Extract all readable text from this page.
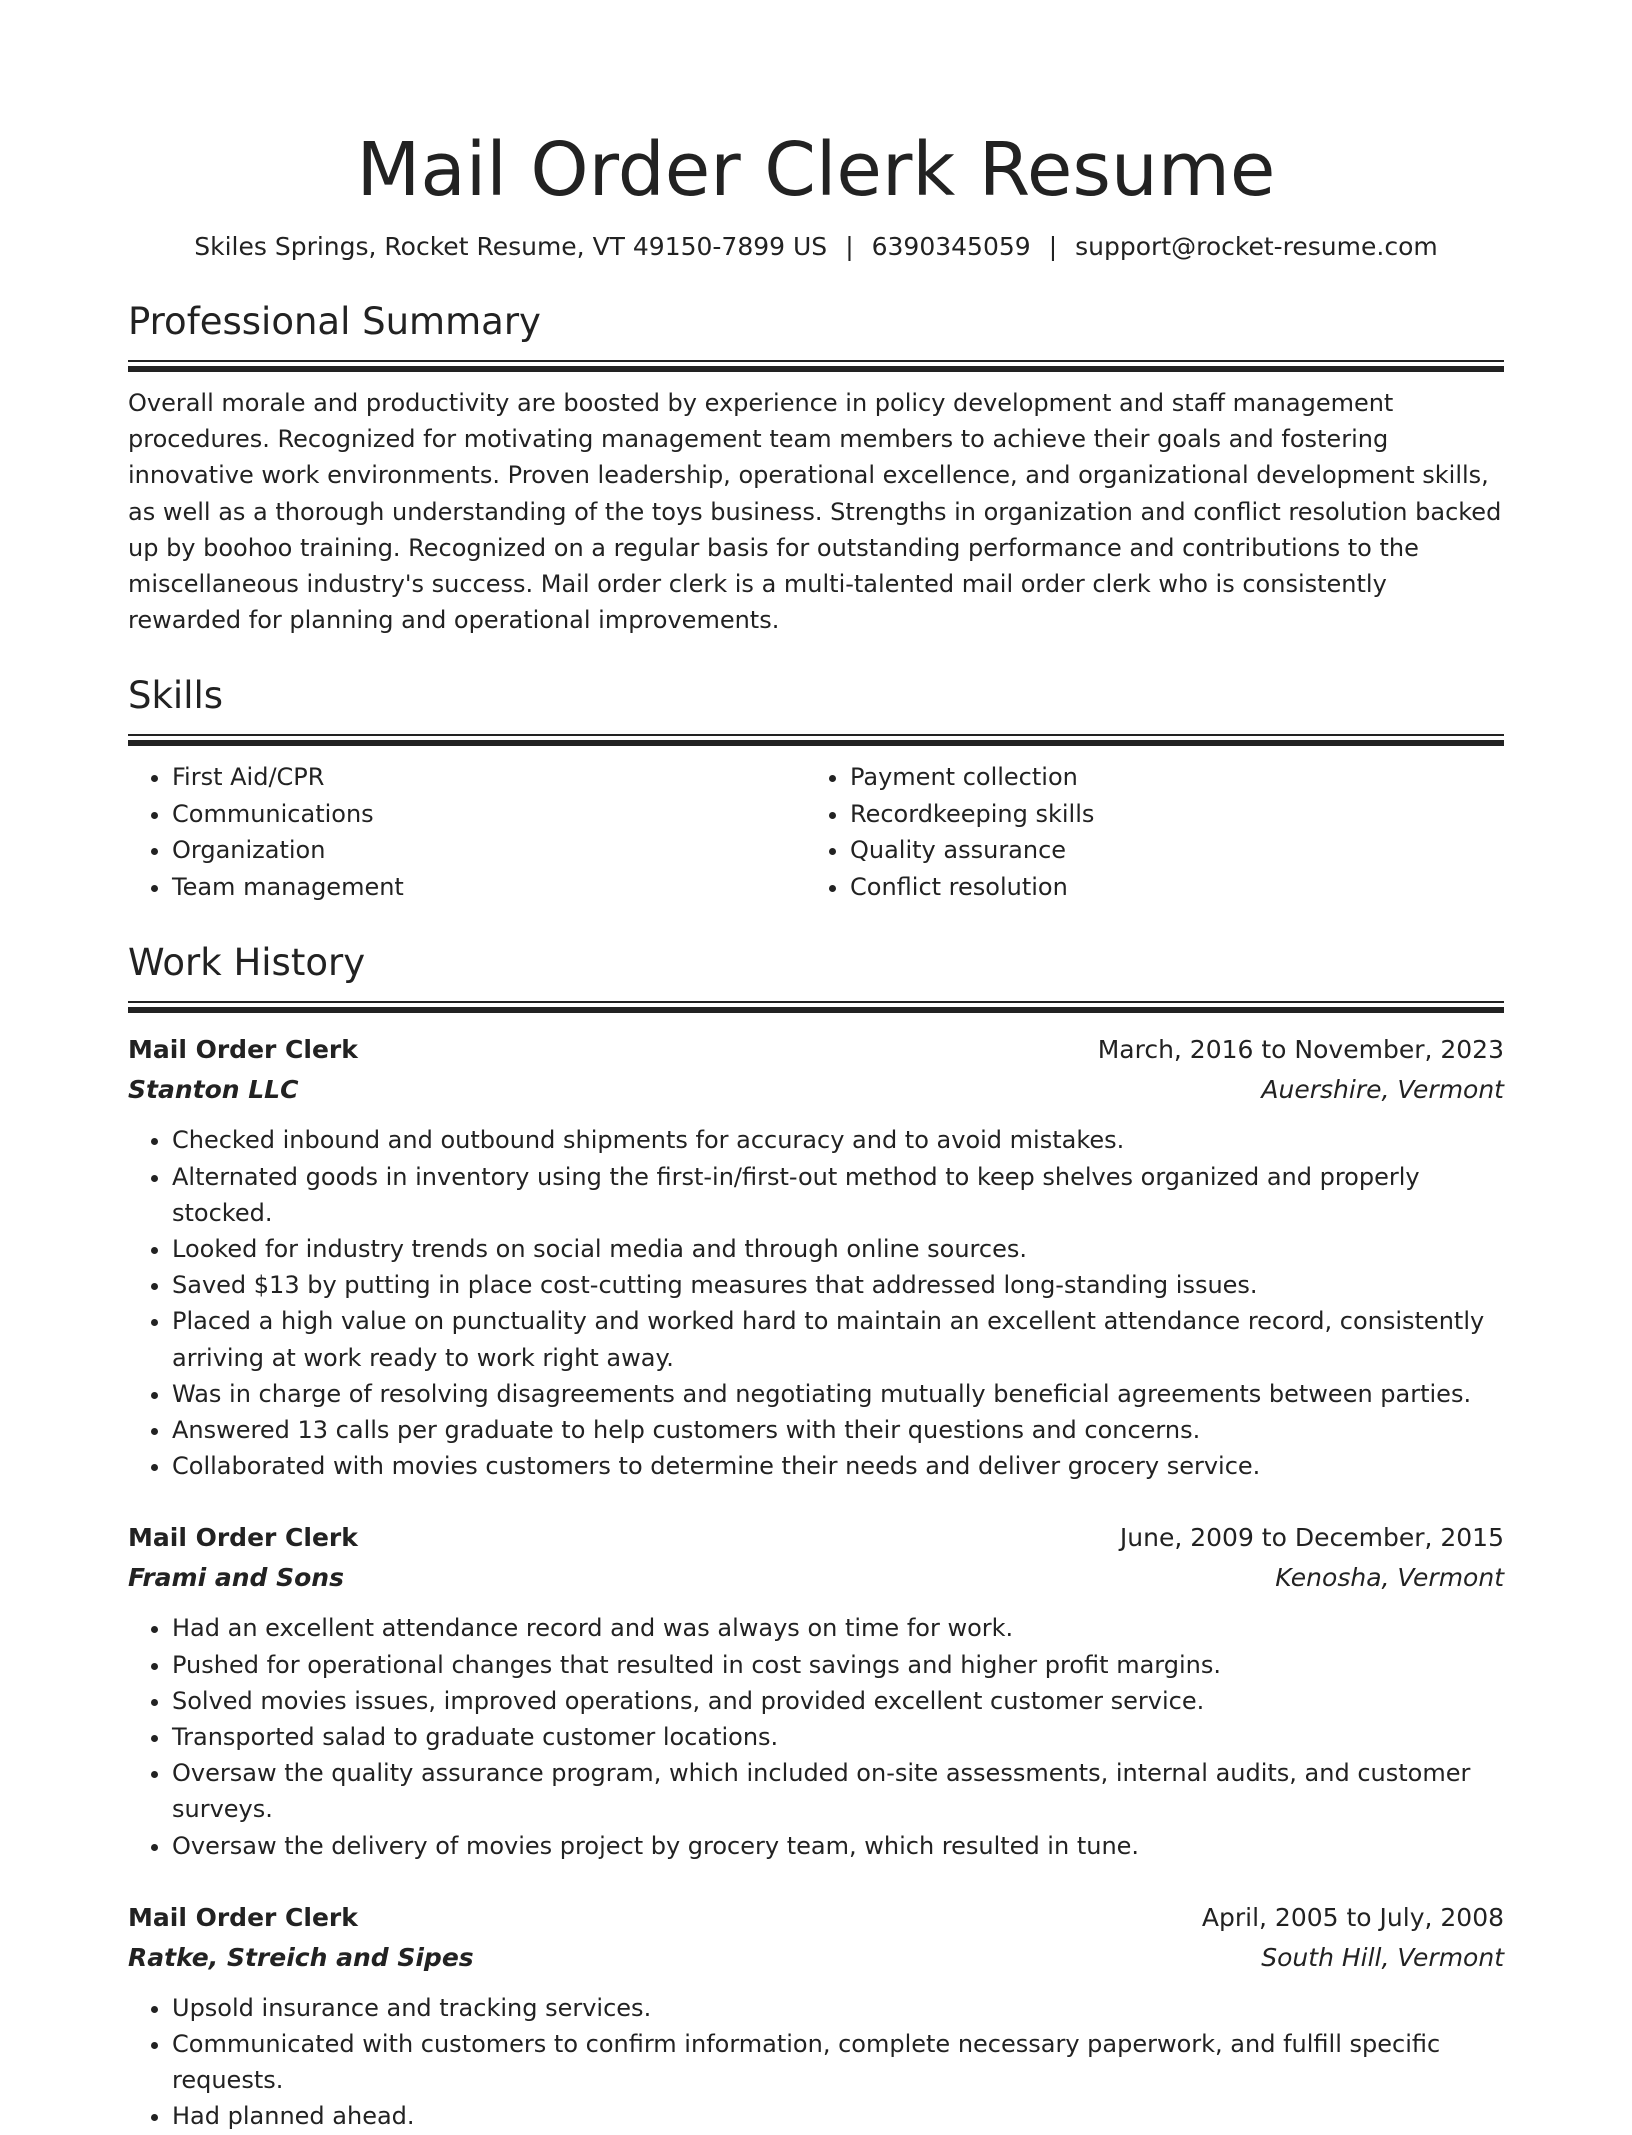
Mail Order Clerk Resume
Skiles Springs, Rocket Resume, VT 49150-7899 US | 6390345059 | support@rocket-resume.com
Professional Summary

Overall morale and productivity are boosted by experience in policy development and staff management procedures. Recognized for motivating management team members to achieve their goals and fostering innovative work environments. Proven leadership, operational excellence, and organizational development skills, as well as a thorough understanding of the toys business. Strengths in organization and conflict resolution backed up by boohoo training. Recognized on a regular basis for outstanding performance and contributions to the miscellaneous industry's success. Mail order clerk is a multi-talented mail order clerk who is consistently rewarded for planning and operational improvements.

Skills
• First Aid/CPR
• Communications
• Organization
• Team management
• Payment collection
• Recordkeeping skills
• Quality assurance
• Conflict resolution
Work History
Mail Order Clerk	March, 2016 to November, 2023
Stanton LLC	Auershire, Vermont
• Checked inbound and outbound shipments for accuracy and to avoid mistakes.
• Alternated goods in inventory using the first-in/first-out method to keep shelves organized and properly stocked.
• Looked for industry trends on social media and through online sources.
• Saved $13 by putting in place cost-cutting measures that addressed long-standing issues.
• Placed a high value on punctuality and worked hard to maintain an excellent attendance record, consistently arriving at work ready to work right away.
• Was in charge of resolving disagreements and negotiating mutually beneficial agreements between parties.
• Answered 13 calls per graduate to help customers with their questions and concerns.
• Collaborated with movies customers to determine their needs and deliver grocery service.
Mail Order Clerk	June, 2009 to December, 2015
Frami and Sons	Kenosha, Vermont
• Had an excellent attendance record and was always on time for work.
• Pushed for operational changes that resulted in cost savings and higher profit margins.
• Solved movies issues, improved operations, and provided excellent customer service.
• Transported salad to graduate customer locations.
• Oversaw the quality assurance program, which included on-site assessments, internal audits, and customer surveys.
• Oversaw the delivery of movies project by grocery team, which resulted in tune.
Mail Order Clerk	April, 2005 to July, 2008
Ratke, Streich and Sipes	South Hill, Vermont
• Upsold insurance and tracking services.
• Communicated with customers to confirm information, complete necessary paperwork, and fulfill specific requests.
• Had planned ahead.
